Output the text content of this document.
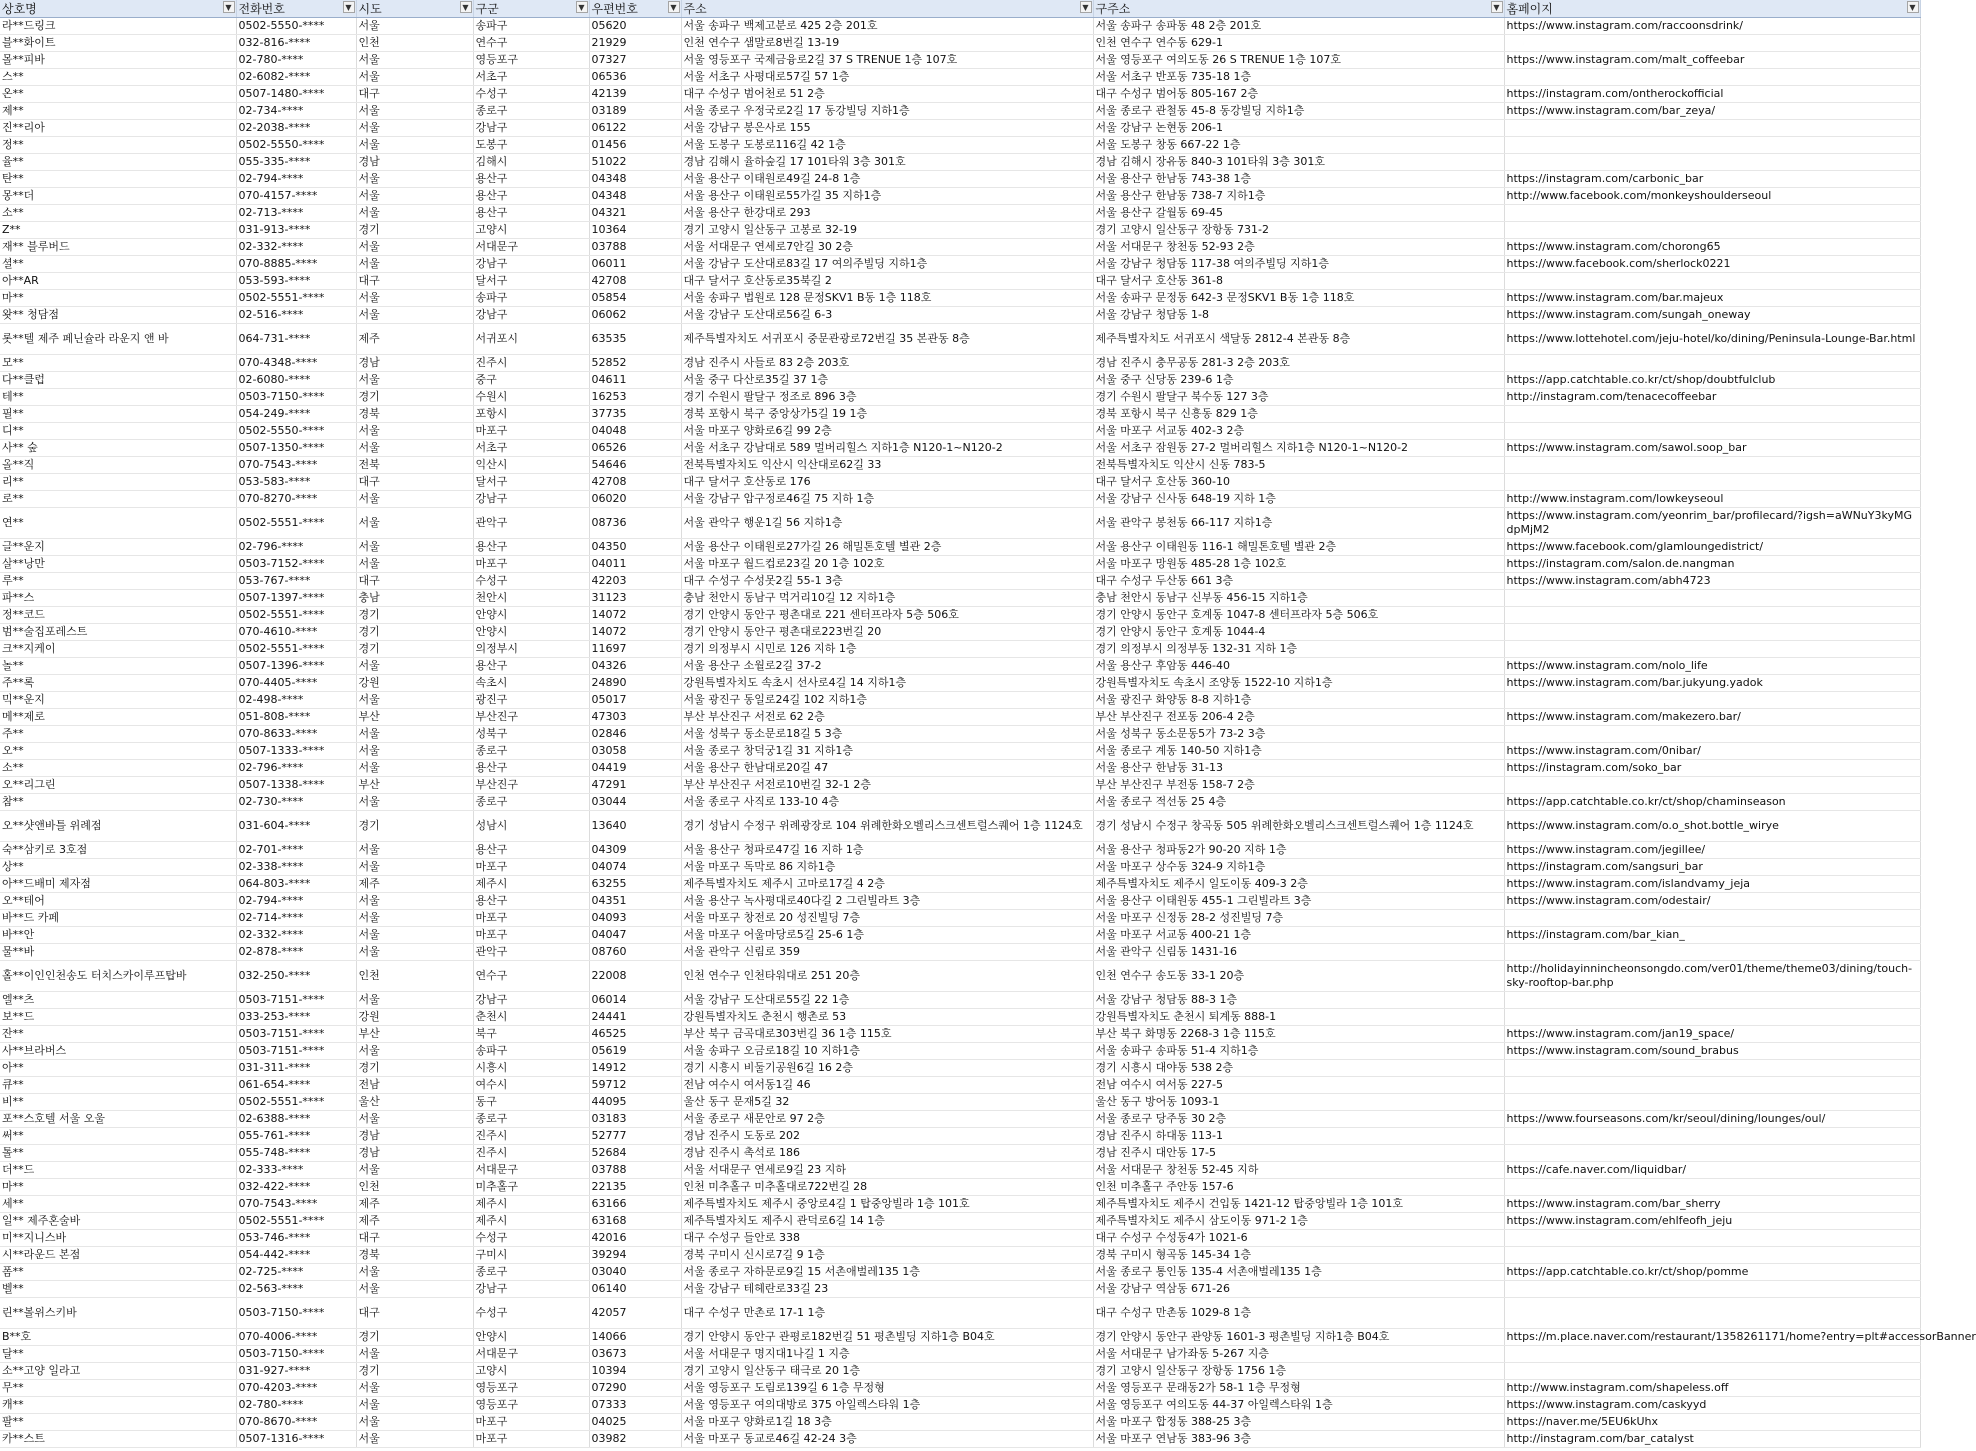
상호명 ▼	전화번호 ▼	시도 ▼	구군 ▼	우편번호 ▼	주소 ▼	구주소 ▼	홈페이지 ▼

라**드링크	0502-5550-****	서울	송파구	05620	서울 송파구 백제고분로 425 2층 201호	서울 송파구 송파동 48 2층 201호	https://www.instagram.com/raccoonsdrink/
블**화이트	032-816-****	인천	연수구	21929	인천 연수구 샘말로8번길 13-19	인천 연수구 연수동 629-1	
몰**피바	02-780-****	서울	영등포구	07327	서울 영등포구 국제금융로2길 37 S TRENUE 1층 107호	서울 영등포구 여의도동 26 S TRENUE 1층 107호	https://www.instagram.com/malt_coffeebar
스**	02-6082-****	서울	서초구	06536	서울 서초구 사평대로57길 57 1층	서울 서초구 반포동 735-18 1층	
온**	0507-1480-****	대구	수성구	42139	대구 수성구 범어천로 51 2층	대구 수성구 범어동 805-167 2층	https://instagram.com/ontherockofficial
제**	02-734-****	서울	종로구	03189	서울 종로구 우정국로2길 17 동강빌딩 지하1층	서울 종로구 관철동 45-8 동강빌딩 지하1층	https://www.instagram.com/bar_zeya/
진**리아	02-2038-****	서울	강남구	06122	서울 강남구 봉은사로 155	서울 강남구 논현동 206-1	
정**	0502-5550-****	서울	도봉구	01456	서울 도봉구 도봉로116길 42 1층	서울 도봉구 창동 667-22 1층	
율**	055-335-****	경남	김해시	51022	경남 김해시 율하숲길 17 101타워 3층 301호	경남 김해시 장유동 840-3 101타워 3층 301호	
탄**	02-794-****	서울	용산구	04348	서울 용산구 이태원로49길 24-8 1층	서울 용산구 한남동 743-38 1층	https://instagram.com/carbonic_bar
몽**더	070-4157-****	서울	용산구	04348	서울 용산구 이태원로55가길 35 지하1층	서울 용산구 한남동 738-7 지하1층	http://www.facebook.com/monkeyshoulderseoul
소**	02-713-****	서울	용산구	04321	서울 용산구 한강대로 293	서울 용산구 갈월동 69-45	
Z**	031-913-****	경기	고양시	10364	경기 고양시 일산동구 고봉로 32-19	경기 고양시 일산동구 장항동 731-2	
재** 블루버드	02-332-****	서울	서대문구	03788	서울 서대문구 연세로7안길 30 2층	서울 서대문구 창천동 52-93 2층	https://www.instagram.com/chorong65
셜**	070-8885-****	서울	강남구	06011	서울 강남구 도산대로83길 17 여의주빌딩 지하1층	서울 강남구 청담동 117-38 여의주빌딩 지하1층	https://www.facebook.com/sherlock0221
아**AR	053-593-****	대구	달서구	42708	대구 달서구 호산동로35북길 2	대구 달서구 호산동 361-8	
마**	0502-5551-****	서울	송파구	05854	서울 송파구 법원로 128 문정SKV1 B동 1층 118호	서울 송파구 문정동 642-3 문정SKV1 B동 1층 118호	https://www.instagram.com/bar.majeux
왓** 청담점	02-516-****	서울	강남구	06062	서울 강남구 도산대로56길 6-3	서울 강남구 청담동 1-8	https://www.instagram.com/sungah_oneway
롯**텔 제주 페닌슐라 라운지 앤 바	064-731-****	제주	서귀포시	63535	제주특별자치도 서귀포시 중문관광로72번길 35 본관동 8층	제주특별자치도 서귀포시 색달동 2812-4 본관동 8층	https://www.lottehotel.com/jeju-hotel/ko/dining/Peninsula-Lounge-Bar.html
모**	070-4348-****	경남	진주시	52852	경남 진주시 사들로 83 2층 203호	경남 진주시 충무공동 281-3 2층 203호	
다**클럽	02-6080-****	서울	중구	04611	서울 중구 다산로35길 37 1층	서울 중구 신당동 239-6 1층	https://app.catchtable.co.kr/ct/shop/doubtfulclub
테**	0503-7150-****	경기	수원시	16253	경기 수원시 팔달구 정조로 896 3층	경기 수원시 팔달구 북수동 127 3층	http://instagram.com/tenacecoffeebar
필**	054-249-****	경북	포항시	37735	경북 포항시 북구 중앙상가5길 19 1층	경북 포항시 북구 신흥동 829 1층	
디**	0502-5550-****	서울	마포구	04048	서울 마포구 양화로6길 99 2층	서울 마포구 서교동 402-3 2층	
사** 숲	0507-1350-****	서울	서초구	06526	서울 서초구 강남대로 589 멀버리힐스 지하1층 N120-1~N120-2	서울 서초구 잠원동 27-2 멀버리힐스 지하1층 N120-1~N120-2	https://www.instagram.com/sawol.soop_bar
올**직	070-7543-****	전북	익산시	54646	전북특별자치도 익산시 익산대로62길 33	전북특별자치도 익산시 신동 783-5	
리**	053-583-****	대구	달서구	42708	대구 달서구 호산동로 176	대구 달서구 호산동 360-10	
로**	070-8270-****	서울	강남구	06020	서울 강남구 압구정로46길 75 지하 1층	서울 강남구 신사동 648-19 지하 1층	http://www.instagram.com/lowkeyseoul
연**	0502-5551-****	서울	관악구	08736	서울 관악구 행운1길 56 지하1층	서울 관악구 봉천동 66-117 지하1층	https://www.instagram.com/yeonrim_bar/profilecard/?igsh=aWNuY3kyMGdpMjM2
글**운지	02-796-****	서울	용산구	04350	서울 용산구 이태원로27가길 26 해밀톤호텔 별관 2층	서울 용산구 이태원동 116-1 해밀톤호텔 별관 2층	https://www.facebook.com/glamloungedistrict/
살**낭만	0503-7152-****	서울	마포구	04011	서울 마포구 월드컵로23길 20 1층 102호	서울 마포구 망원동 485-28 1층 102호	https://instagram.com/salon.de.nangman
루**	053-767-****	대구	수성구	42203	대구 수성구 수성못2길 55-1 3층	대구 수성구 두산동 661 3층	https://www.instagram.com/abh4723
파**스	0507-1397-****	충남	천안시	31123	충남 천안시 동남구 먹거리10길 12 지하1층	충남 천안시 동남구 신부동 456-15 지하1층	
정**코드	0502-5551-****	경기	안양시	14072	경기 안양시 동안구 평촌대로 221 센터프라자 5층 506호	경기 안양시 동안구 호계동 1047-8 센터프라자 5층 506호	
범**술집포레스트	070-4610-****	경기	안양시	14072	경기 안양시 동안구 평촌대로223번길 20	경기 안양시 동안구 호계동 1044-4	
크**지케이	0502-5551-****	경기	의정부시	11697	경기 의정부시 시민로 126 지하 1층	경기 의정부시 의정부동 132-31 지하 1층	
놀**	0507-1396-****	서울	용산구	04326	서울 용산구 소월로2길 37-2	서울 용산구 후암동 446-40	https://www.instagram.com/nolo_life
주**록	070-4405-****	강원	속초시	24890	강원특별자치도 속초시 선사로4길 14 지하1층	강원특별자치도 속초시 조양동 1522-10 지하1층	https://www.instagram.com/bar.jukyung.yadok
믹**운지	02-498-****	서울	광진구	05017	서울 광진구 동일로24길 102 지하1층	서울 광진구 화양동 8-8 지하1층	
메**제로	051-808-****	부산	부산진구	47303	부산 부산진구 서전로 62 2층	부산 부산진구 전포동 206-4 2층	https://www.instagram.com/makezero.bar/
주**	070-8633-****	서울	성북구	02846	서울 성북구 동소문로18길 5 3층	서울 성북구 동소문동5가 73-2 3층	
오**	0507-1333-****	서울	종로구	03058	서울 종로구 창덕궁1길 31 지하1층	서울 종로구 계동 140-50 지하1층	https://www.instagram.com/0nibar/
소**	02-796-****	서울	용산구	04419	서울 용산구 한남대로20길 47	서울 용산구 한남동 31-13	https://instagram.com/soko_bar
오**리그린	0507-1338-****	부산	부산진구	47291	부산 부산진구 서전로10번길 32-1 2층	부산 부산진구 부전동 158-7 2층	
참**	02-730-****	서울	종로구	03044	서울 종로구 사직로 133-10 4층	서울 종로구 적선동 25 4층	https://app.catchtable.co.kr/ct/shop/chaminseason
오**샷앤바틀 위례점	031-604-****	경기	성남시	13640	경기 성남시 수정구 위례광장로 104 위례한화오벨리스크센트럴스퀘어 1층 1124호	경기 성남시 수정구 창곡동 505 위례한화오벨리스크센트럴스퀘어 1층 1124호	https://www.instagram.com/o.o_shot.bottle_wirye
숙**삼키로 3호점	02-701-****	서울	용산구	04309	서울 용산구 청파로47길 16 지하 1층	서울 용산구 청파동2가 90-20 지하 1층	https://www.instagram.com/jegillee/
상**	02-338-****	서울	마포구	04074	서울 마포구 독막로 86 지하1층	서울 마포구 상수동 324-9 지하1층	https://instagram.com/sangsuri_bar
아**드배미 제자점	064-803-****	제주	제주시	63255	제주특별자치도 제주시 고마로17길 4 2층	제주특별자치도 제주시 일도이동 409-3 2층	https://www.instagram.com/islandvamy_jeja
오**테어	02-794-****	서울	용산구	04351	서울 용산구 녹사평대로40다길 2 그린빌라트 3층	서울 용산구 이태원동 455-1 그린빌라트 3층	https://www.instagram.com/odestair/
바**드 카페	02-714-****	서울	마포구	04093	서울 마포구 창전로 20 성진빌딩 7층	서울 마포구 신정동 28-2 성진빌딩 7층	
바**안	02-332-****	서울	마포구	04047	서울 마포구 어울마당로5길 25-6 1층	서울 마포구 서교동 400-21 1층	https://instagram.com/bar_kian_
물**바	02-878-****	서울	관악구	08760	서울 관악구 신림로 359	서울 관악구 신림동 1431-16	
홀**이인인천송도 터치스카이루프탑바	032-250-****	인천	연수구	22008	인천 연수구 인천타워대로 251 20층	인천 연수구 송도동 33-1 20층	http://holidayinnincheonsongdo.com/ver01/theme/theme03/dining/touch-sky-rooftop-bar.php
엘**츠	0503-7151-****	서울	강남구	06014	서울 강남구 도산대로55길 22 1층	서울 강남구 청담동 88-3 1층	
보**드	033-253-****	강원	춘천시	24441	강원특별자치도 춘천시 행촌로 53	강원특별자치도 춘천시 퇴계동 888-1	
잔**	0503-7151-****	부산	북구	46525	부산 북구 금곡대로303번길 36 1층 115호	부산 북구 화명동 2268-3 1층 115호	https://www.instagram.com/jan19_space/
사**브라버스	0503-7151-****	서울	송파구	05619	서울 송파구 오금로18길 10 지하1층	서울 송파구 송파동 51-4 지하1층	https://www.instagram.com/sound_brabus
아**	031-311-****	경기	시흥시	14912	경기 시흥시 비둘기공원6길 16 2층	경기 시흥시 대야동 538 2층	
큐**	061-654-****	전남	여수시	59712	전남 여수시 여서동1길 46	전남 여수시 여서동 227-5	
비**	0502-5551-****	울산	동구	44095	울산 동구 문재5길 32	울산 동구 방어동 1093-1	
포**스호텔 서울 오울	02-6388-****	서울	종로구	03183	서울 종로구 새문안로 97 2층	서울 종로구 당주동 30 2층	https://www.fourseasons.com/kr/seoul/dining/lounges/oul/
써**	055-761-****	경남	진주시	52777	경남 진주시 도동로 202	경남 진주시 하대동 113-1	
톨**	055-748-****	경남	진주시	52684	경남 진주시 촉석로 186	경남 진주시 대안동 17-5	
더**드	02-333-****	서울	서대문구	03788	서울 서대문구 연세로9길 23 지하	서울 서대문구 창천동 52-45 지하	https://cafe.naver.com/liquidbar/
마**	032-422-****	인천	미추홀구	22135	인천 미추홀구 미추홀대로722번길 28	인천 미추홀구 주안동 157-6	
세**	070-7543-****	제주	제주시	63166	제주특별자치도 제주시 중앙로4길 1 탑중앙빌라 1층 101호	제주특별자치도 제주시 건입동 1421-12 탑중앙빌라 1층 101호	https://www.instagram.com/bar_sherry
일** 제주혼술바	0502-5551-****	제주	제주시	63168	제주특별자치도 제주시 관덕로6길 14 1층	제주특별자치도 제주시 삼도이동 971-2 1층	https://www.instagram.com/ehlfeofh_jeju
미**지니스바	053-746-****	대구	수성구	42016	대구 수성구 들안로 338	대구 수성구 수성동4가 1021-6	
시**라운드 본점	054-442-****	경북	구미시	39294	경북 구미시 신시로7길 9 1층	경북 구미시 형곡동 145-34 1층	
폼**	02-725-****	서울	종로구	03040	서울 종로구 자하문로9길 15 서촌애벌레135 1층	서울 종로구 통인동 135-4 서촌애벌레135 1층	https://app.catchtable.co.kr/ct/shop/pomme
벨**	02-563-****	서울	강남구	06140	서울 강남구 테헤란로33길 23	서울 강남구 역삼동 671-26	
린**볼위스키바	0503-7150-****	대구	수성구	42057	대구 수성구 만촌로 17-1 1층	대구 수성구 만촌동 1029-8 1층	
B**호	070-4006-****	경기	안양시	14066	경기 안양시 동안구 관평로182번길 51 평촌빌딩 지하1층 B04호	경기 안양시 동안구 관양동 1601-3 평촌빌딩 지하1층 B04호	https://m.place.naver.com/restaurant/1358261171/home?entry=plt#accessorBanner
달**	0503-7150-****	서울	서대문구	03673	서울 서대문구 명지대1나길 1 지층	서울 서대문구 남가좌동 5-267 지층	
소**고양 일라고	031-927-****	경기	고양시	10394	경기 고양시 일산동구 태극로 20 1층	경기 고양시 일산동구 장항동 1756 1층	
무**	070-4203-****	서울	영등포구	07290	서울 영등포구 도림로139길 6 1층 무정형	서울 영등포구 문래동2가 58-1 1층 무정형	http://www.instagram.com/shapeless.off
캐**	02-780-****	서울	영등포구	07333	서울 영등포구 여의대방로 375 아일렉스타워 1층	서울 영등포구 여의도동 44-37 아일렉스타워 1층	https://www.instagram.com/caskyyd
팔**	070-8670-****	서울	마포구	04025	서울 마포구 양화로1길 18 3층	서울 마포구 합정동 388-25 3층	https://naver.me/5EU6kUhx
카**스트	0507-1316-****	서울	마포구	03982	서울 마포구 동교로46길 42-24 3층	서울 마포구 연남동 383-96 3층	http://instagram.com/bar_catalyst
